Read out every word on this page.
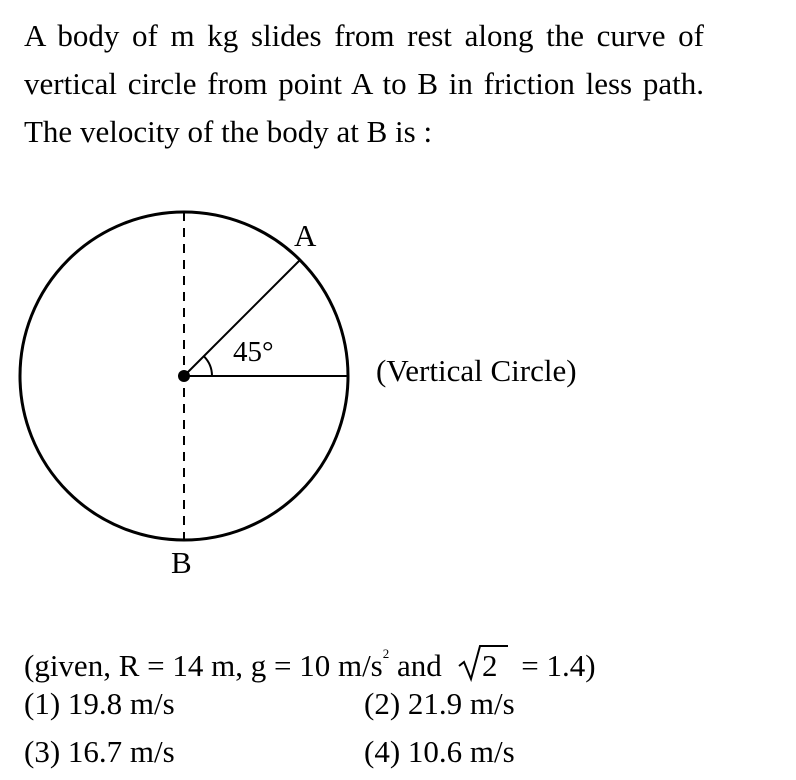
A body of m kg slides from rest along the curve of vertical circle from point A to B in friction less path. The velocity of the body at B is :
A
B
45°
(Vertical Circle)
(given, R = 14 m, g = 10 $m/s^2$ and 2 = 1.4)
(1) 19.8 m/s	(2) 21.9 m/s
(3) 16.7 m/s	(4) 10.6 m/s
